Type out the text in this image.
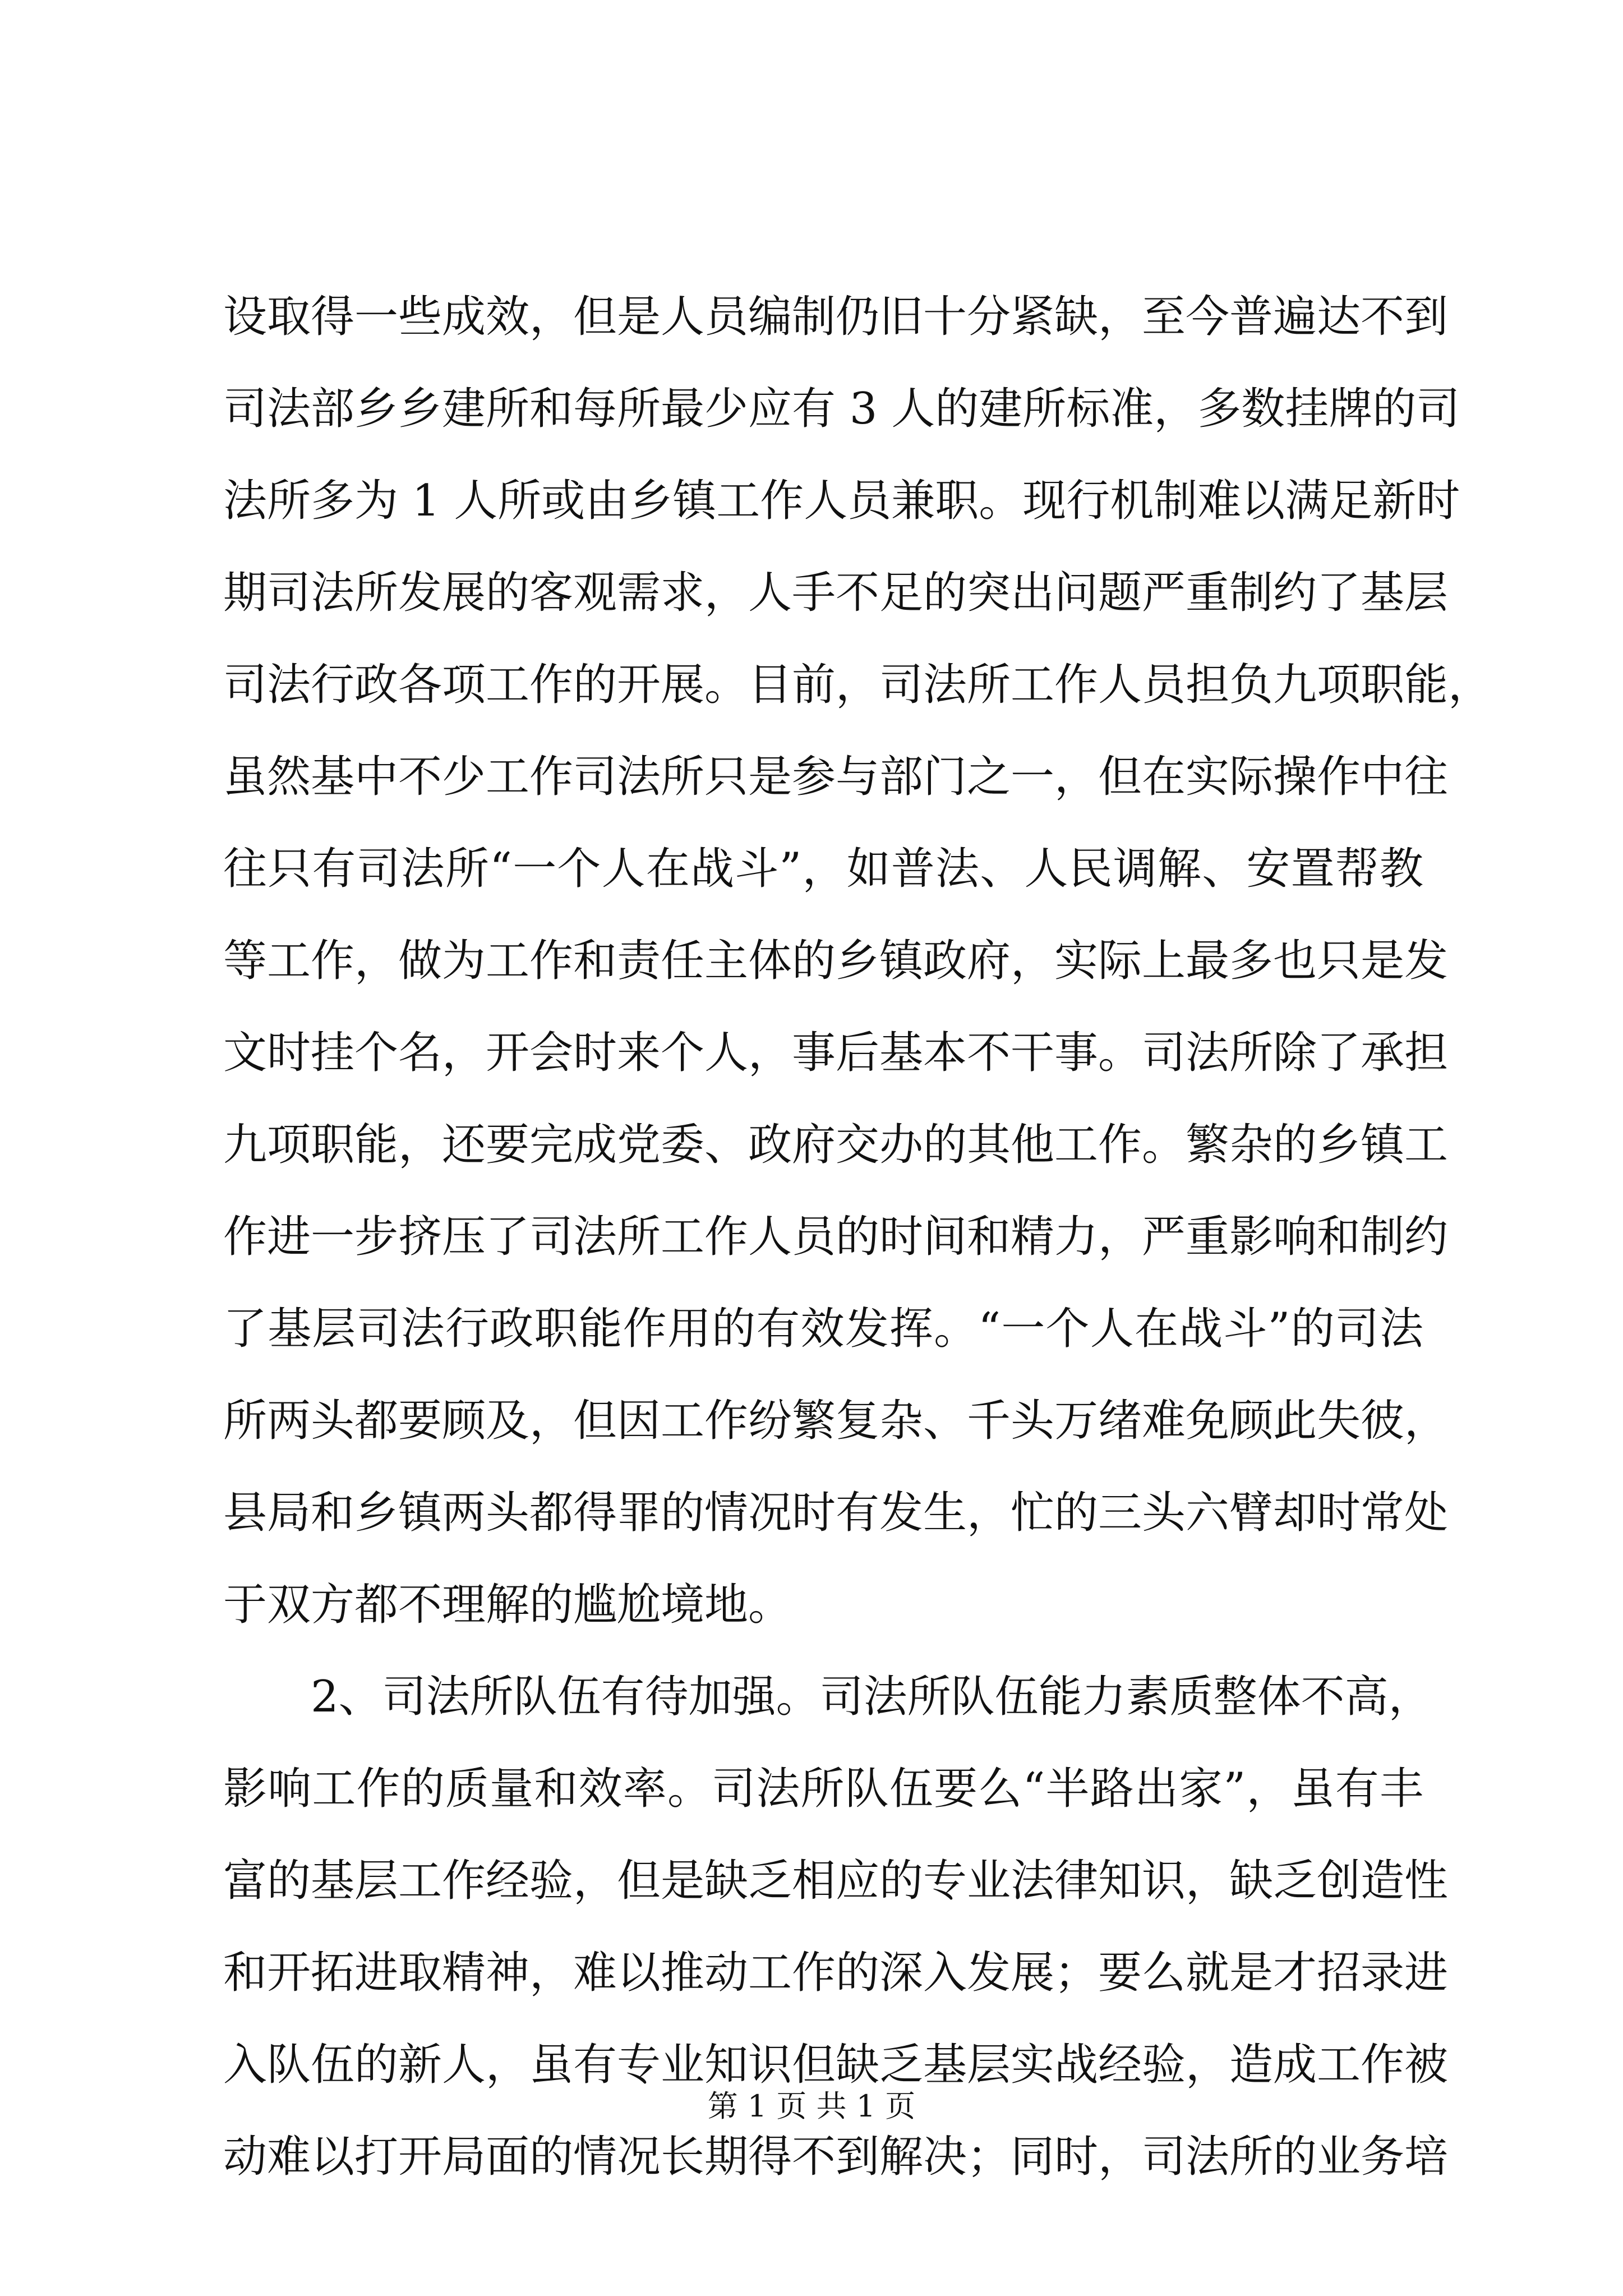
设取得一些成效，但是人员编制仍旧十分紧缺，至今普遍达不到
司法部乡乡建所和每所最少应有 3 人的建所标准，多数挂牌的司
法所多为 1 人所或由乡镇工作人员兼职。现行机制难以满足新时
期司法所发展的客观需求，人手不足的突出问题严重制约了基层
司法行政各项工作的开展。目前，司法所工作人员担负九项职能，
虽然基中不少工作司法所只是参与部门之一，但在实际操作中往
往只有司法所“一个人在战斗”，如普法、人民调解、安置帮教
等工作，做为工作和责任主体的乡镇政府，实际上最多也只是发
文时挂个名，开会时来个人，事后基本不干事。司法所除了承担
九项职能，还要完成党委、政府交办的其他工作。繁杂的乡镇工
作进一步挤压了司法所工作人员的时间和精力，严重影响和制约
了基层司法行政职能作用的有效发挥。“一个人在战斗”的司法
所两头都要顾及，但因工作纷繁复杂、千头万绪难免顾此失彼，
县局和乡镇两头都得罪的情况时有发生，忙的三头六臂却时常处
于双方都不理解的尴尬境地。
2、司法所队伍有待加强。司法所队伍能力素质整体不高，
影响工作的质量和效率。司法所队伍要么“半路出家”，虽有丰
富的基层工作经验，但是缺乏相应的专业法律知识，缺乏创造性
和开拓进取精神，难以推动工作的深入发展；要么就是才招录进
入队伍的新人，虽有专业知识但缺乏基层实战经验，造成工作被
动难以打开局面的情况长期得不到解决；同时，司法所的业务培
第 1 页 共 1 页
